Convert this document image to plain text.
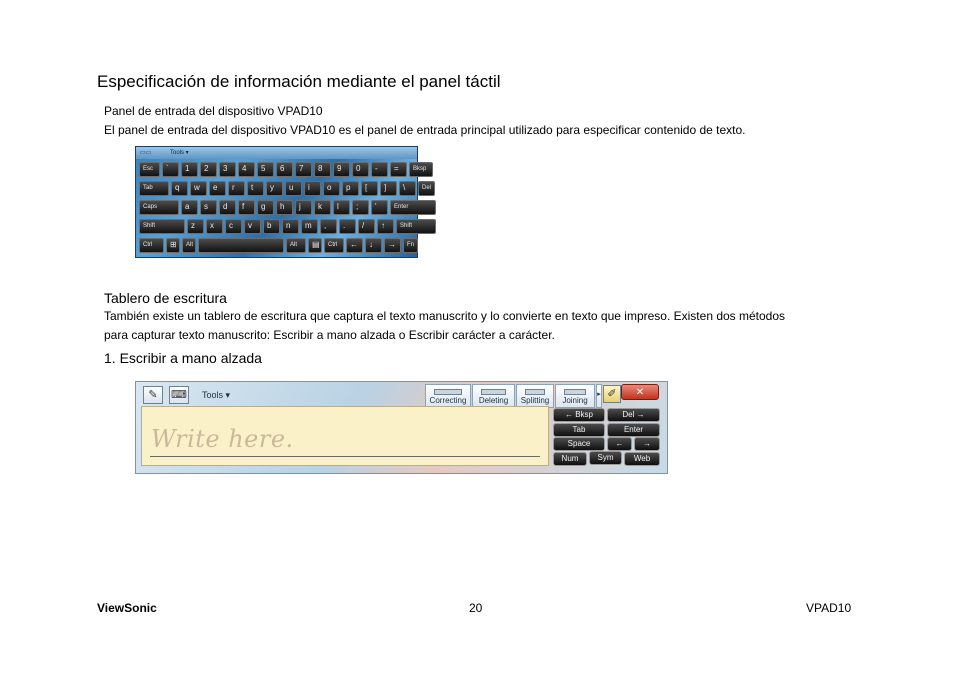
Especificación de información mediante el panel táctil
Panel de entrada del dispositivo VPAD10
El panel de entrada del dispositivo VPAD10 es el panel de entrada principal utilizado para especificar contenido de texto.
▭▭	Tools ▾
Esc	`	1	2	3	4	5	6	7	8	9	0	-	=	Bksp
Tab	q	w	e	r	t	y	u	i	o	p	[	]	\	Del
Caps	a	s	d	f	g	h	j	k	l	;	'	Enter
Shift	z	x	c	v	b	n	m	,	.	/	↑	Shift
Ctrl	⊞	Alt	Alt	▤	Ctrl	←	↓	→	Fn
Tablero de escritura
También existe un tablero de escritura que captura el texto manuscrito y lo convierte en texto que impreso. Existen dos métodos
para capturar texto manuscrito: Escribir a mano alzada o Escribir carácter a carácter.
1. Escribir a mano alzada
✎	⌨ Tools ▾
Correcting	Deleting	Splitting	Joining
▸ ✐	✕
Write here.
← Bksp	Del →
Tab	Enter
Space	←	→
Num	Sym	Web
ViewSonic	20	VPAD10
